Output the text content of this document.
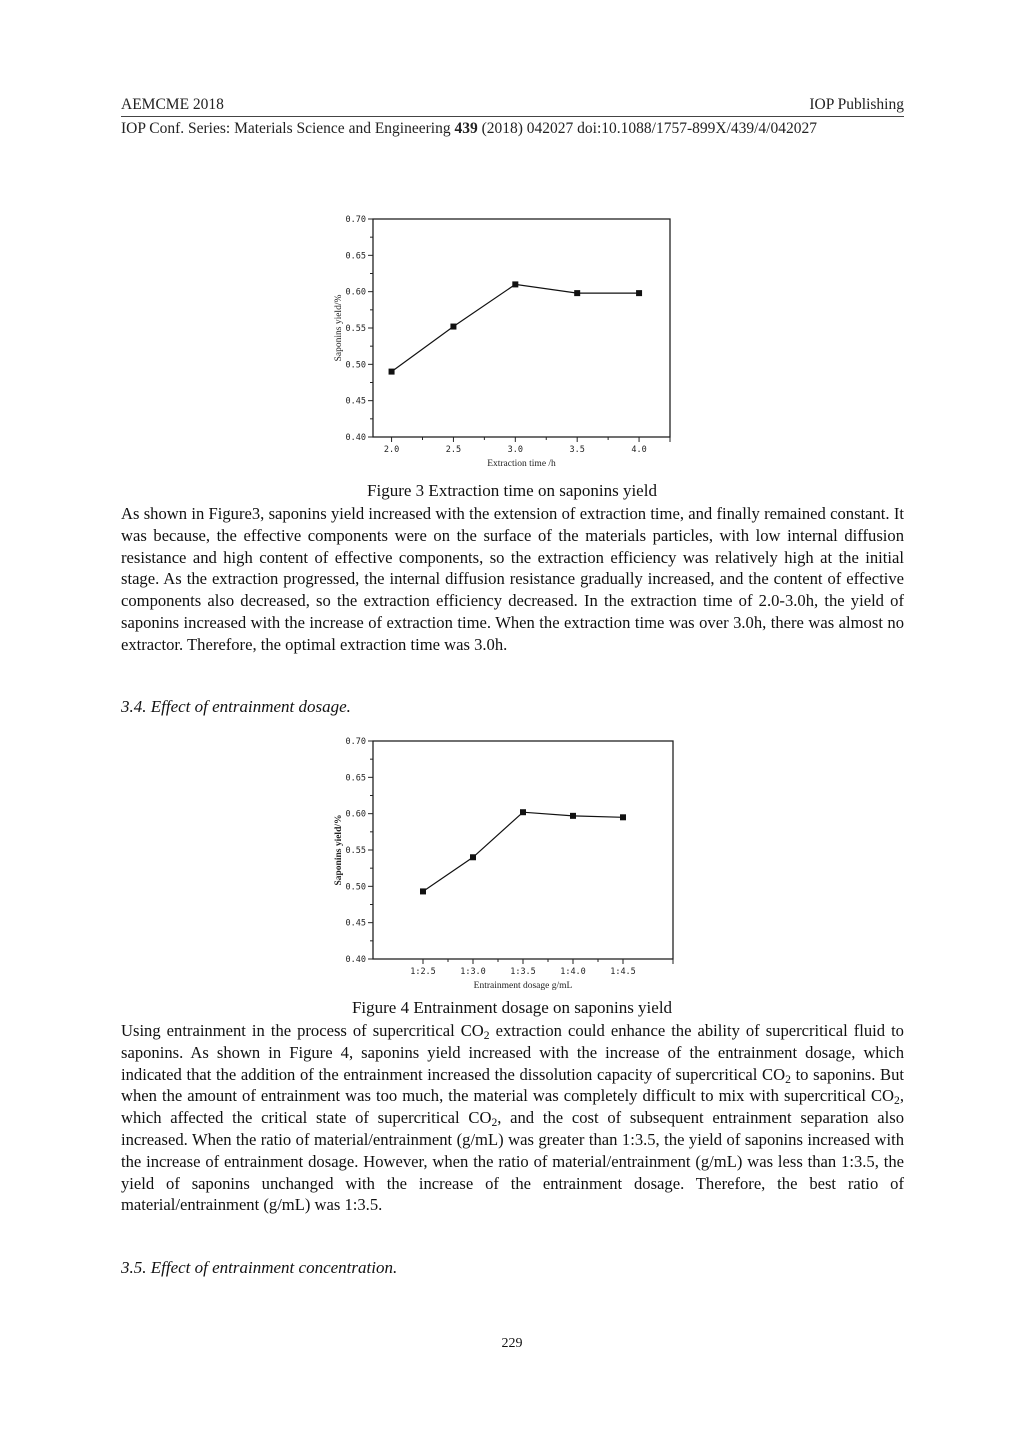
AEMCME 2018	IOP Publishing
IOP Conf. Series: Materials Science and Engineering 439 (2018) 042027 doi:10.1088/1757-899X/439/4/042027
0.40
0.45
0.50
0.55
0.60
0.65
0.70
2.0	2.5	3.0	3.5	4.0
Extraction time /h
Saponins yield/%
Figure 3 Extraction time on saponins yield

As shown in Figure3, saponins yield increased with the extension of extraction time, and finally remained constant. It was because, the effective components were on the surface of the materials particles, with low internal diffusion resistance and high content of effective components, so the extraction efficiency was relatively high at the initial stage. As the extraction progressed, the internal diffusion resistance gradually increased, and the content of effective components also decreased, so the extraction efficiency decreased. In the extraction time of 2.0-3.0h, the yield of saponins increased with the increase of extraction time. When the extraction time was over 3.0h, there was almost no extractor. Therefore, the optimal extraction time was 3.0h.

3.4. Effect of entrainment dosage.
0.40
0.45
0.50
0.55
0.60
0.65
0.70
1:2.5	1:3.0	1:3.5	1:4.0	1:4.5
Entrainment dosage g/mL
Saponins yield/%
Figure 4 Entrainment dosage on saponins yield

Using entrainment in the process of supercritical $CO_2$ extraction could enhance the ability of supercritical fluid to saponins. As shown in Figure 4, saponins yield increased with the increase of the entrainment dosage, which indicated that the addition of the entrainment increased the dissolution capacity of supercritical $CO_2$ to saponins. But when the amount of entrainment was too much, the material was completely difficult to mix with supercritical $CO_2$, which affected the critical state of supercritical $CO_2$, and the cost of subsequent entrainment separation also increased. When the ratio of material/entrainment (g/mL) was greater than 1:3.5, the yield of saponins increased with the increase of entrainment dosage. However, when the ratio of material/entrainment (g/mL) was less than 1:3.5, the yield of saponins unchanged with the increase of the entrainment dosage. Therefore, the best ratio of material/entrainment (g/mL) was 1:3.5.

3.5. Effect of entrainment concentration.
229
